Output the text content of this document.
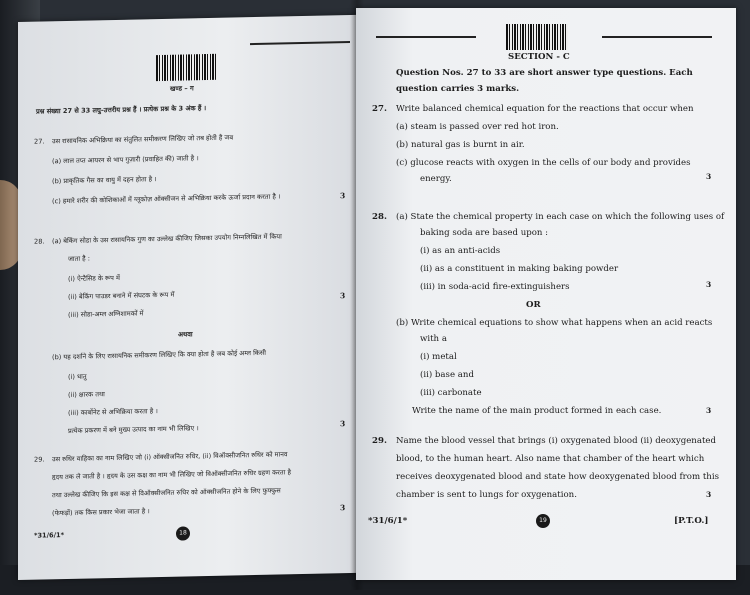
खण्ड – ग
प्रश्न संख्या 27 से 33 लघु-उत्तरीय प्रश्न हैं । प्रत्येक प्रश्न के 3 अंक हैं ।
27. उस रासायनिक अभिक्रिया का संतुलित समीकरण लिखिए जो तब होती है जब
(a) लाल तप्त आयरन से भाप गुज़ारी (प्रवाहित की) जाती है ।
(b) प्राकृतिक गैस का वायु में दहन होता है ।
(c) हमारे शरीर की कोशिकाओं में ग्लूकोज़ ऑक्सीजन से अभिक्रिया करके ऊर्जा प्रदान करता है ।	3
28. (a) बेकिंग सोडा के उस रासायनिक गुण का उल्लेख कीजिए जिसका उपयोग निम्नलिखित में किया
जाता है :
(i) ऐन्टैसिड के रूप में
(ii) बेकिंग पाउडर बनाने में संघटक के रूप में
(iii) सोडा-अम्ल अग्निशामकों में
3
अथवा
(b) यह दर्शाने के लिए रासायनिक समीकरण लिखिए कि क्या होता है जब कोई अम्ल किसी
(i) धातु
(ii) क्षारक तथा
(iii) कार्बोनेट से अभिक्रिया करता है ।
प्रत्येक प्रकरण में बने मुख्य उत्पाद का नाम भी लिखिए ।
3
29. उस रुधिर वाहिका का नाम लिखिए जो (i) ऑक्सीजनित रुधिर, (ii) विऑक्सीजनित रुधिर को मानव
हृदय तक ले जाती है । हृदय के उस कक्ष का नाम भी लिखिए जो विऑक्सीजनित रुधिर ग्रहण करता है
तथा उल्लेख कीजिए कि इस कक्ष से विऑक्सीजनित रुधिर को ऑक्सीजनित होने के लिए फुफ्फुस
(फेफड़ों) तक किस प्रकार भेजा जाता है ।	3
*31/6/1*	18
SECTION - C
Question Nos. 27 to 33 are short answer type questions. Each
question carries 3 marks.
27. Write balanced chemical equation for the reactions that occur when
(a) steam is passed over red hot iron.
(b) natural gas is burnt in air.
(c) glucose reacts with oxygen in the cells of our body and provides
energy.	3
28. (a) State the chemical property in each case on which the following uses of
baking soda are based upon :
(i) as an anti-acids
(ii) as a constituent in making baking powder
(iii) in soda-acid fire-extinguishers	3
OR
(b) Write chemical equations to show what happens when an acid reacts
with a
(i) metal
(ii) base and
(iii) carbonate
Write the name of the main product formed in each case.	3
29. Name the blood vessel that brings (i) oxygenated blood (ii) deoxygenated
blood, to the human heart. Also name that chamber of the heart which
receives deoxygenated blood and state how deoxygenated blood from this
chamber is sent to lungs for oxygenation.	3
*31/6/1*	19	[P.T.O.]
